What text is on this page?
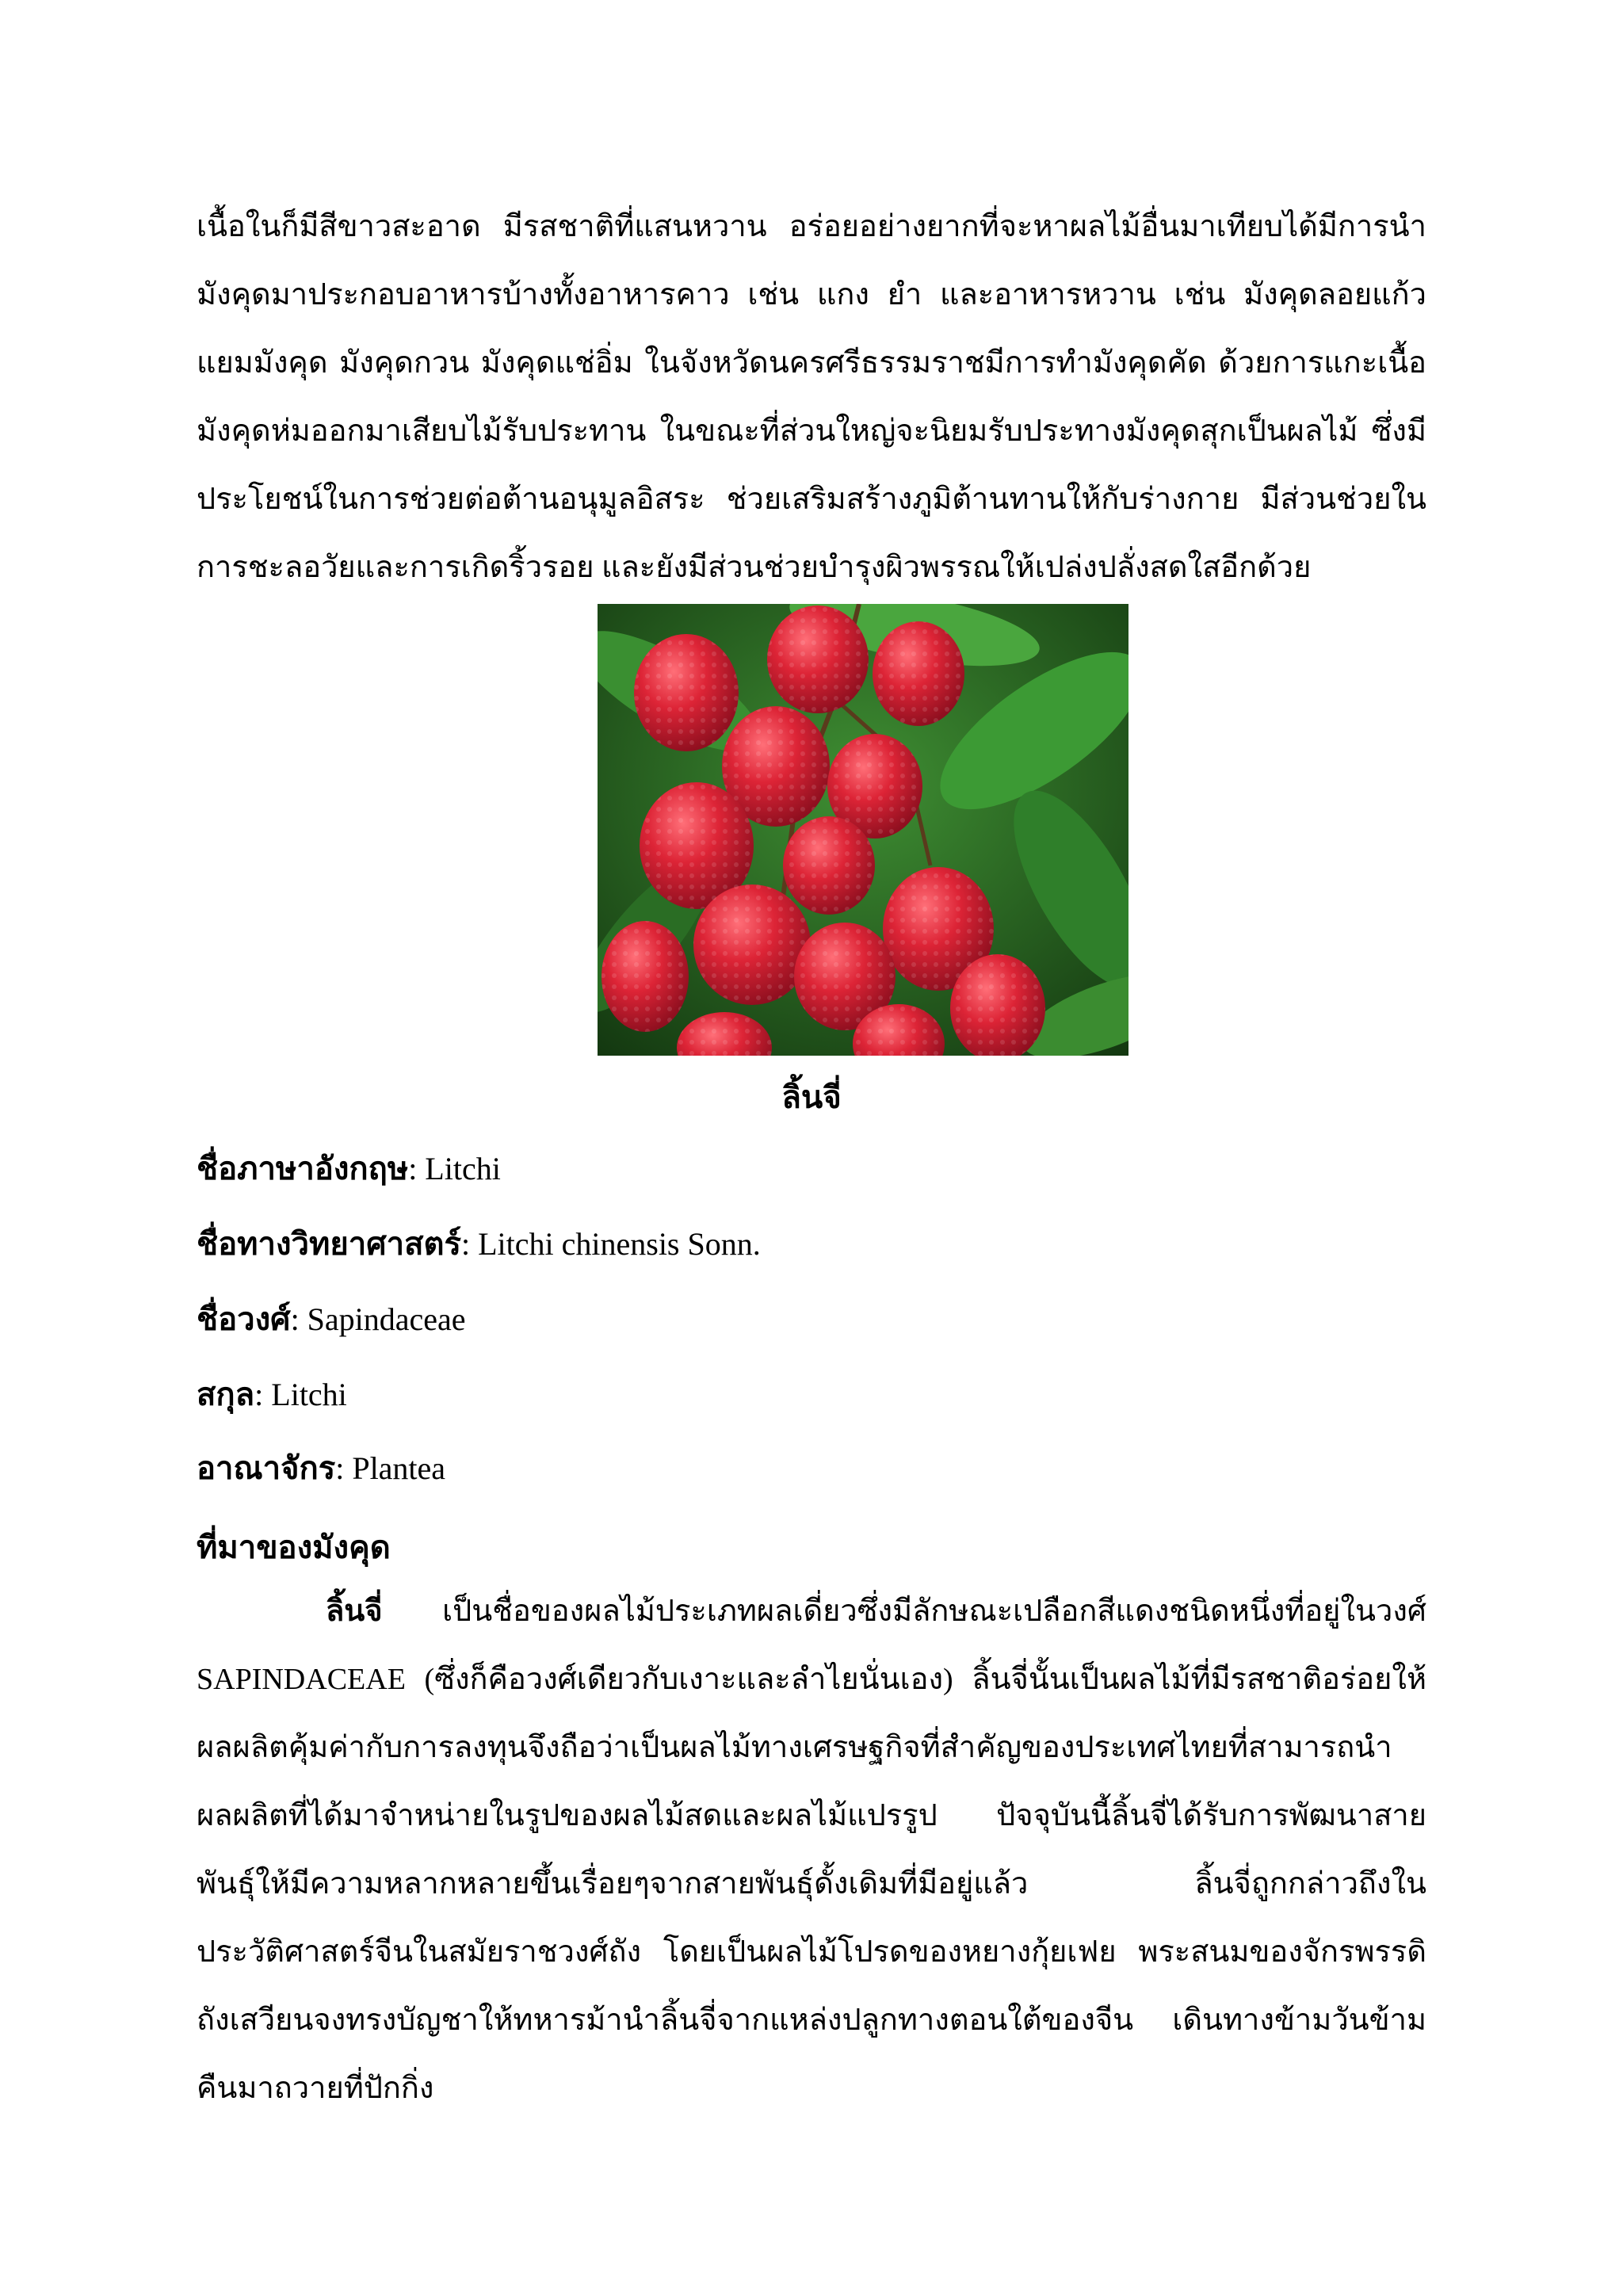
เนื้อในก็มีสีขาวสะอาด มีรสชาติที่แสนหวาน อร่อยอย่างยากที่จะหาผลไม้อื่นมาเทียบได้มีการนำมังคุดมาประกอบอาหารบ้างทั้งอาหารคาว เช่น แกง ยำ และอาหารหวาน เช่น มังคุดลอยแก้ว แยมมังคุด มังคุดกวน มังคุดแช่อิ่ม ในจังหวัดนครศรีธรรมราชมีการทำมังคุดคัด ด้วยการแกะเนื้อมังคุดห่มออกมาเสียบไม้รับประทาน ในขณะที่ส่วนใหญ่จะนิยมรับประทางมังคุดสุกเป็นผลไม้ ซึ่งมีประโยชน์ในการช่วยต่อต้านอนุมูลอิสระ ช่วยเสริมสร้างภูมิต้านทานให้กับร่างกาย มีส่วนช่วยในการชะลอวัยและการเกิดริ้วรอย และยังมีส่วนช่วยบำรุงผิวพรรณให้เปล่งปลั่งสดใสอีกด้วย

ลิ้นจี่

ชื่อภาษาอังกฤษ: Litchi

ชื่อทางวิทยาศาสตร์: Litchi chinensis Sonn.

ชื่อวงศ์: Sapindaceae

สกุล: Litchi

อาณาจักร: Plantea

ที่มาของมังคุด

ลิ้นจี่ เป็นชื่อของผลไม้ประเภทผลเดี่ยวซึ่งมีลักษณะเปลือกสีแดงชนิดหนึ่งที่อยู่ในวงศ์ SAPINDACEAE (ซึ่งก็คือวงศ์เดียวกับเงาะและลำไยนั่นเอง) ลิ้นจี่นั้นเป็นผลไม้ที่มีรสชาติอร่อยให้ผลผลิตคุ้มค่ากับการลงทุนจึงถือว่าเป็นผลไม้ทางเศรษฐกิจที่สำคัญของประเทศไทยที่สามารถนำผลผลิตที่ได้มาจำหน่ายในรูปของผลไม้สดและผลไม้แปรรูป ปัจจุบันนี้ลิ้นจี่ได้รับการพัฒนาสายพันธุ์ให้มีความหลากหลายขึ้นเรื่อยๆจากสายพันธุ์ดั้งเดิมที่มีอยู่แล้ว ลิ้นจี่ถูกกล่าวถึงในประวัติศาสตร์จีนในสมัยราชวงศ์ถัง โดยเป็นผลไม้โปรดของหยางกุ้ยเฟย พระสนมของจักรพรรดิถังเสวียนจงทรงบัญชาให้ทหารม้านำลิ้นจี่จากแหล่งปลูกทางตอนใต้ของจีน เดินทางข้ามวันข้ามคืนมาถวายที่ปักกิ่ง
